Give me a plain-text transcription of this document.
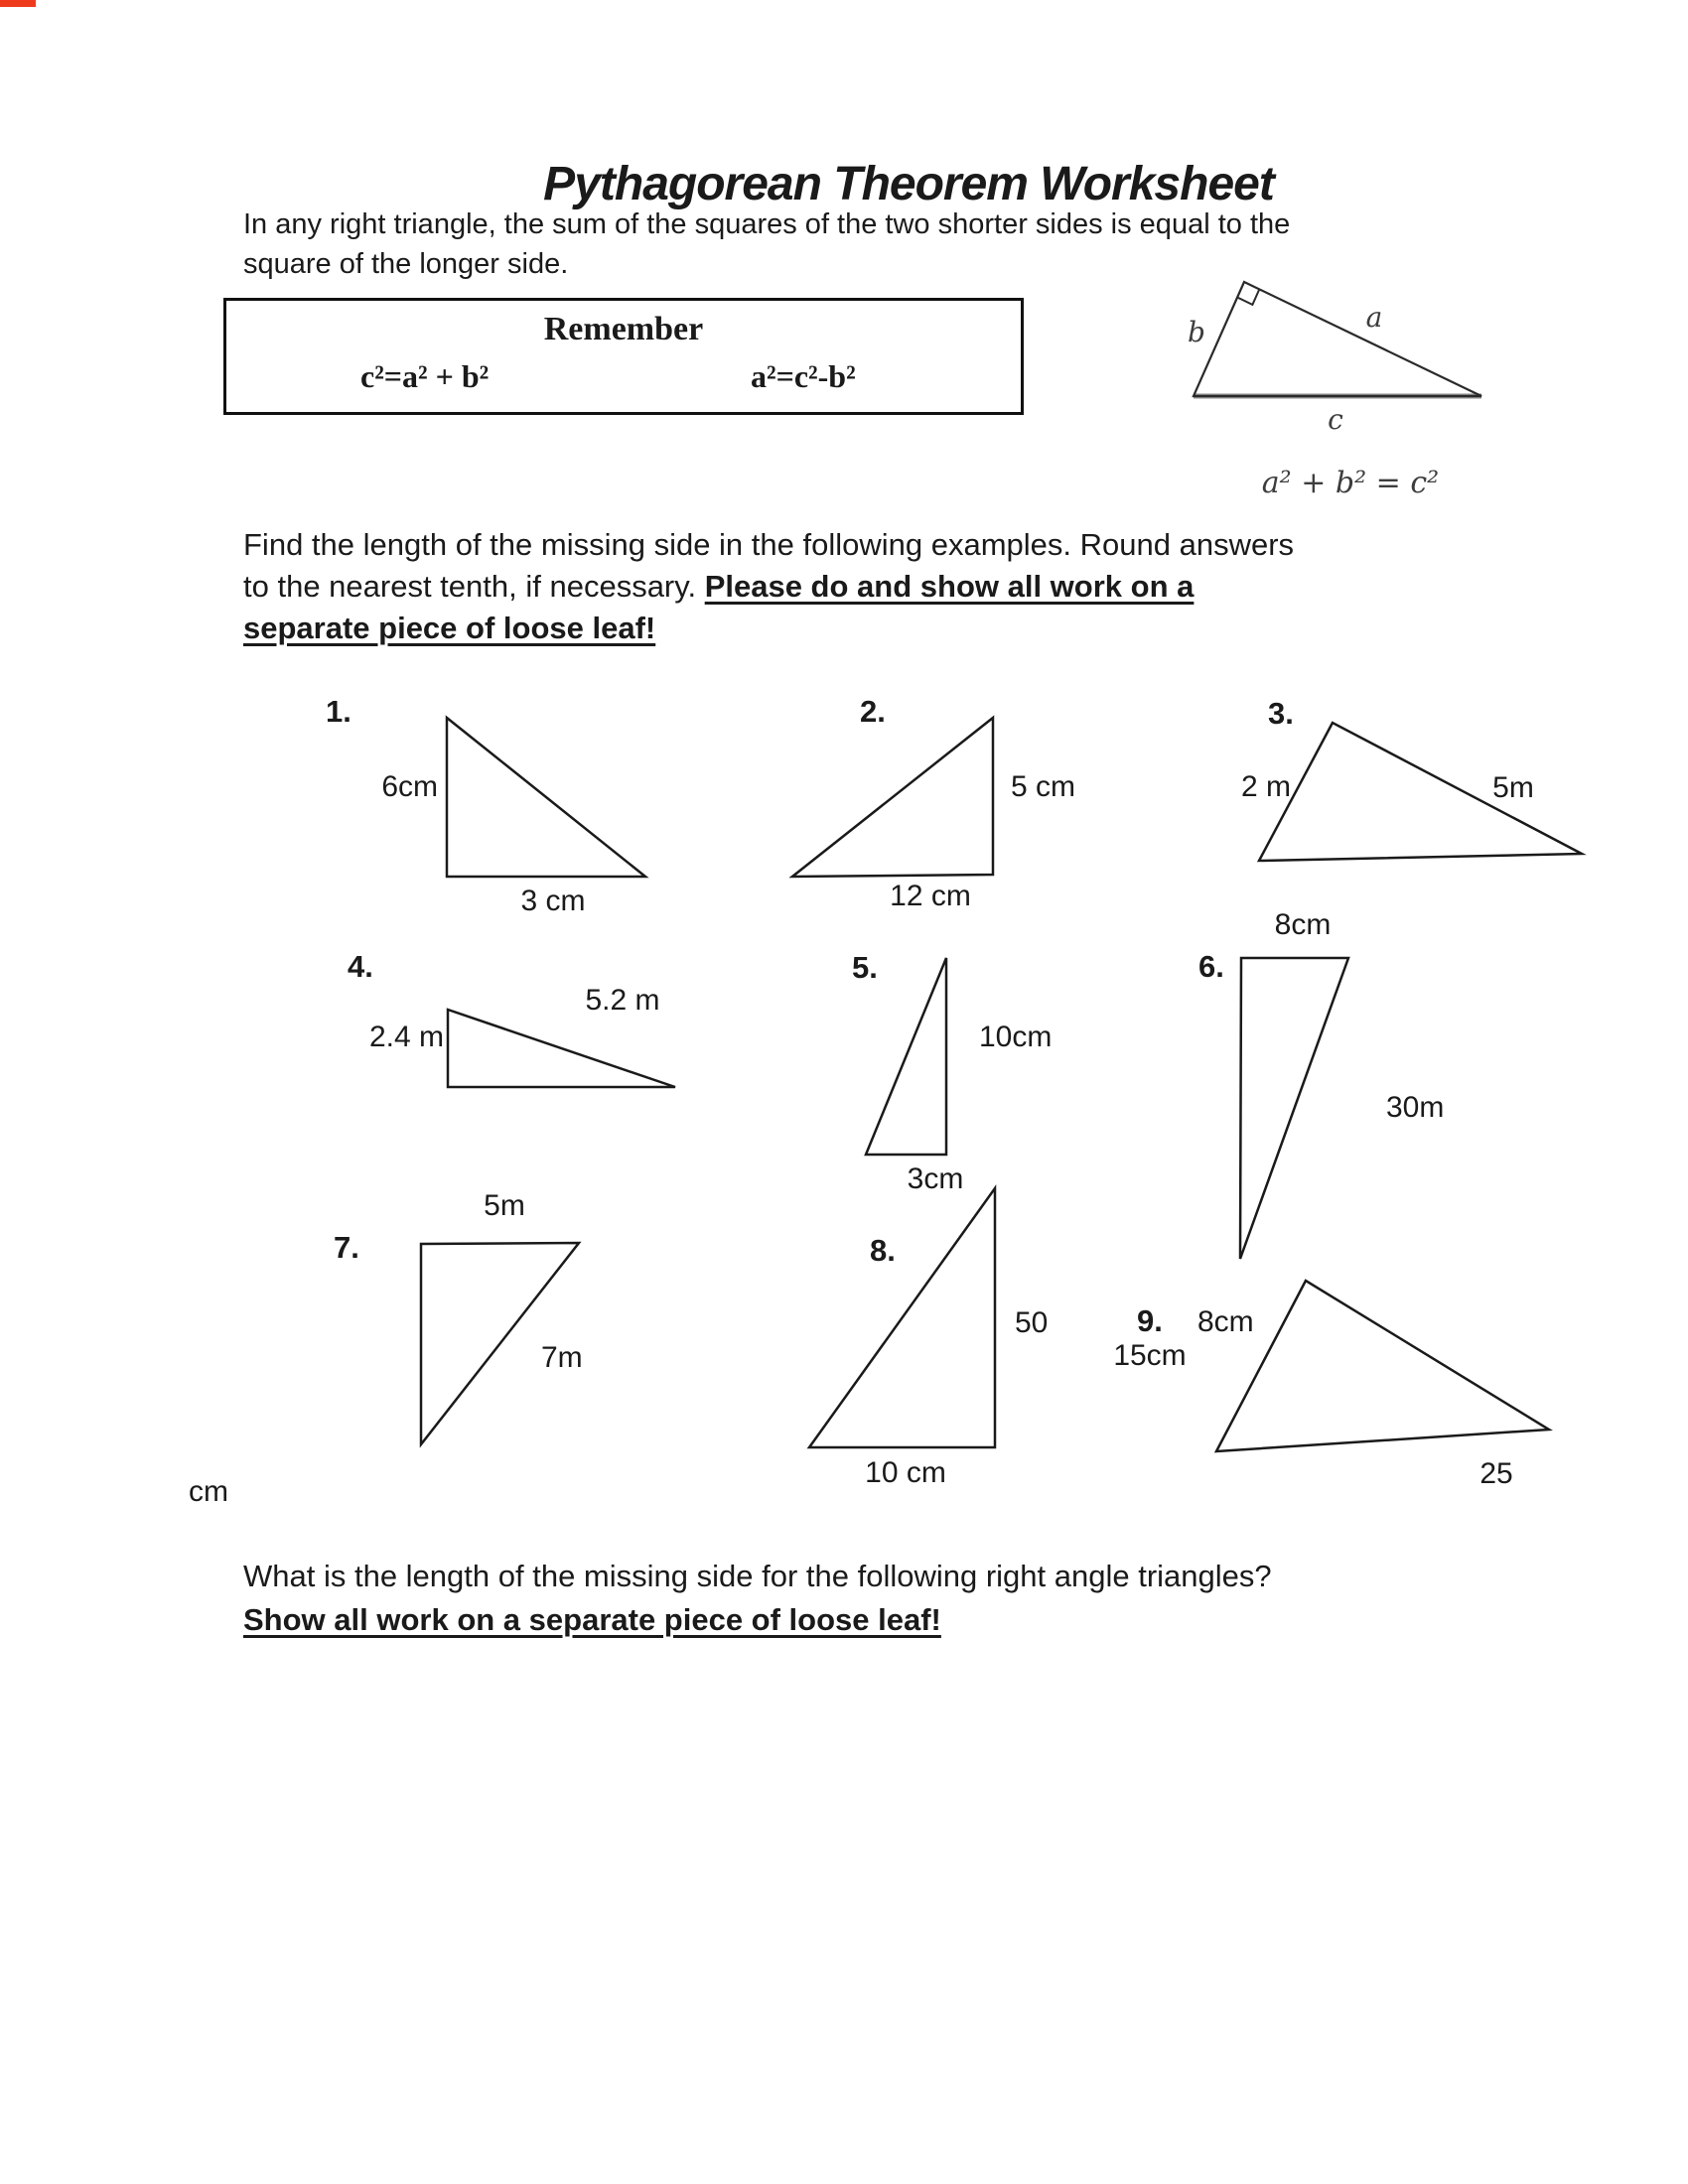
Pythagorean Theorem Worksheet
In any right triangle, the sum of the squares of the two shorter sides is equal to the
square of the longer side.
Remember
c²=a² + b²	a²=c²-b²
b	a
c
a² + b² = c²
Find the length of the missing side in the following examples. Round answers
to the nearest tenth, if necessary. Please do and show all work on a
separate piece of loose leaf!
1.
6cm
3 cm
2.
5 cm
12 cm
3.
2 m	5m
4.
2.4 m
5.2 m
5.
10cm
3cm
6.
8cm
30m
7.
5m
7m
8.
50
10 cm
9. 8cm
15cm
25
cm
What is the length of the missing side for the following right angle triangles?
Show all work on a separate piece of loose leaf!
